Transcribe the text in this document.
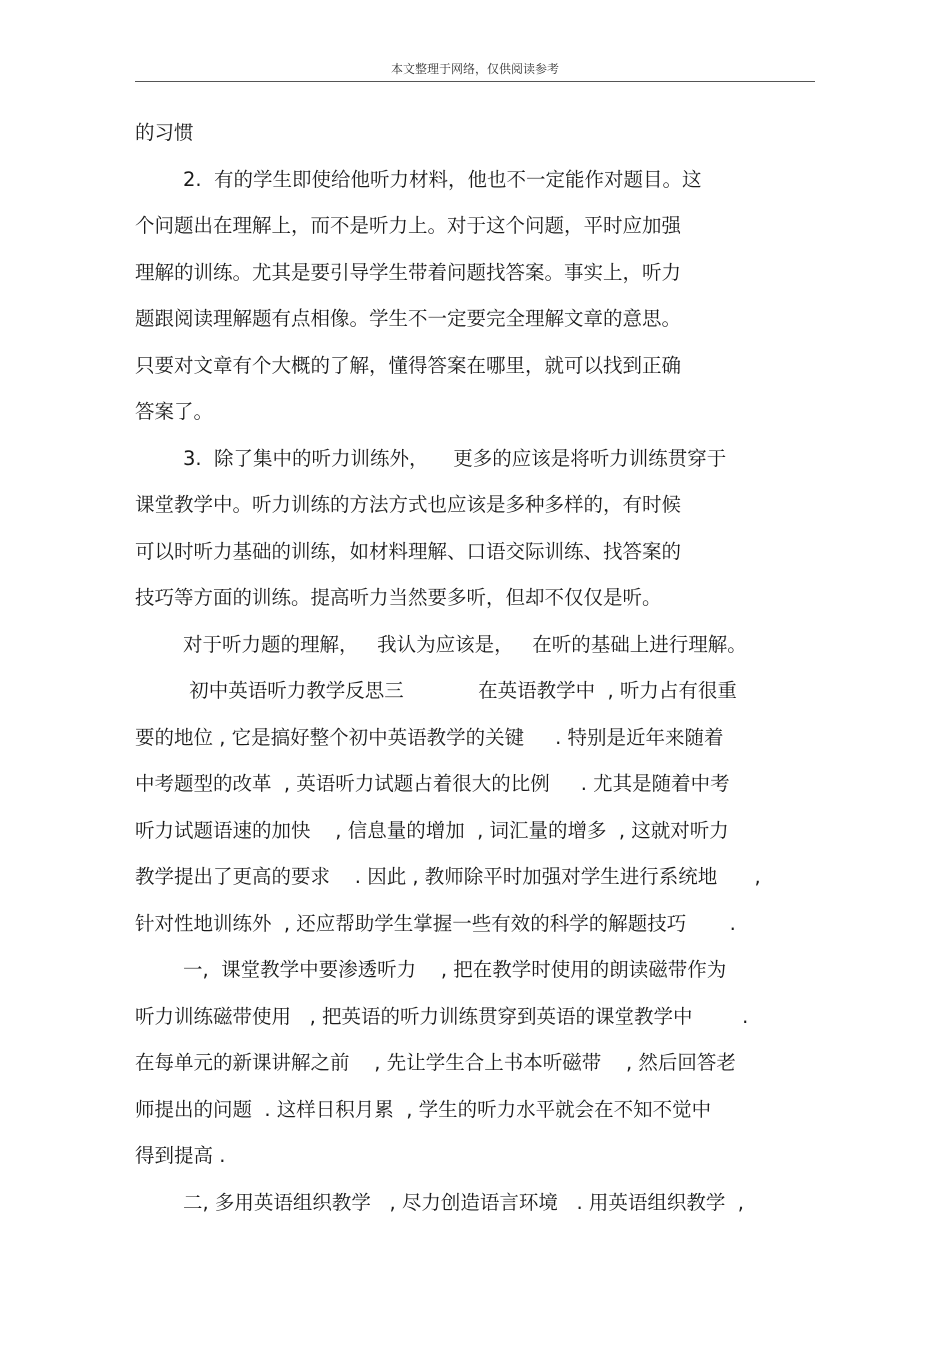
本文整理于网络，仅供阅读参考
的习惯
2.  有的学生即使给他听力材料，他也不一定能作对题目。这
个问题出在理解上，而不是听力上。对于这个问题，平时应加强
理解的训练。尤其是要引导学生带着问题找答案。事实上，听力
题跟阅读理解题有点相像。学生不一定要完全理解文章的意思。
只要对文章有个大概的了解，懂得答案在哪里，就可以找到正确
答案了。
3.  除了集中的听力训练外，    更多的应该是将听力训练贯穿于
课堂教学中。听力训练的方法方式也应该是多种多样的，有时候
可以时听力基础的训练，如材料理解、口语交际训练、找答案的
技巧等方面的训练。提高听力当然要多听，但却不仅仅是听。
对于听力题的理解，   我认为应该是，   在听的基础上进行理解。
初中英语听力教学反思三            在英语教学中  , 听力占有很重
要的地位 , 它是搞好整个初中英语教学的关键     . 特别是近年来随着
中考题型的改革  , 英语听力试题占着很大的比例     . 尤其是随着中考
听力试题语速的加快    , 信息量的增加  , 词汇量的增多  , 这就对听力
教学提出了更高的要求    . 因此 , 教师除平时加强对学生进行系统地      ,
针对性地训练外  , 还应帮助学生掌握一些有效的科学的解题技巧       .
一,  课堂教学中要渗透听力    , 把在教学时使用的朗读磁带作为
听力训练磁带使用   , 把英语的听力训练贯穿到英语的课堂教学中        .
在每单元的新课讲解之前    , 先让学生合上书本听磁带    , 然后回答老
师提出的问题  . 这样日积月累  , 学生的听力水平就会在不知不觉中
得到提高 .
二, 多用英语组织教学   , 尽力创造语言环境   . 用英语组织教学  ,
